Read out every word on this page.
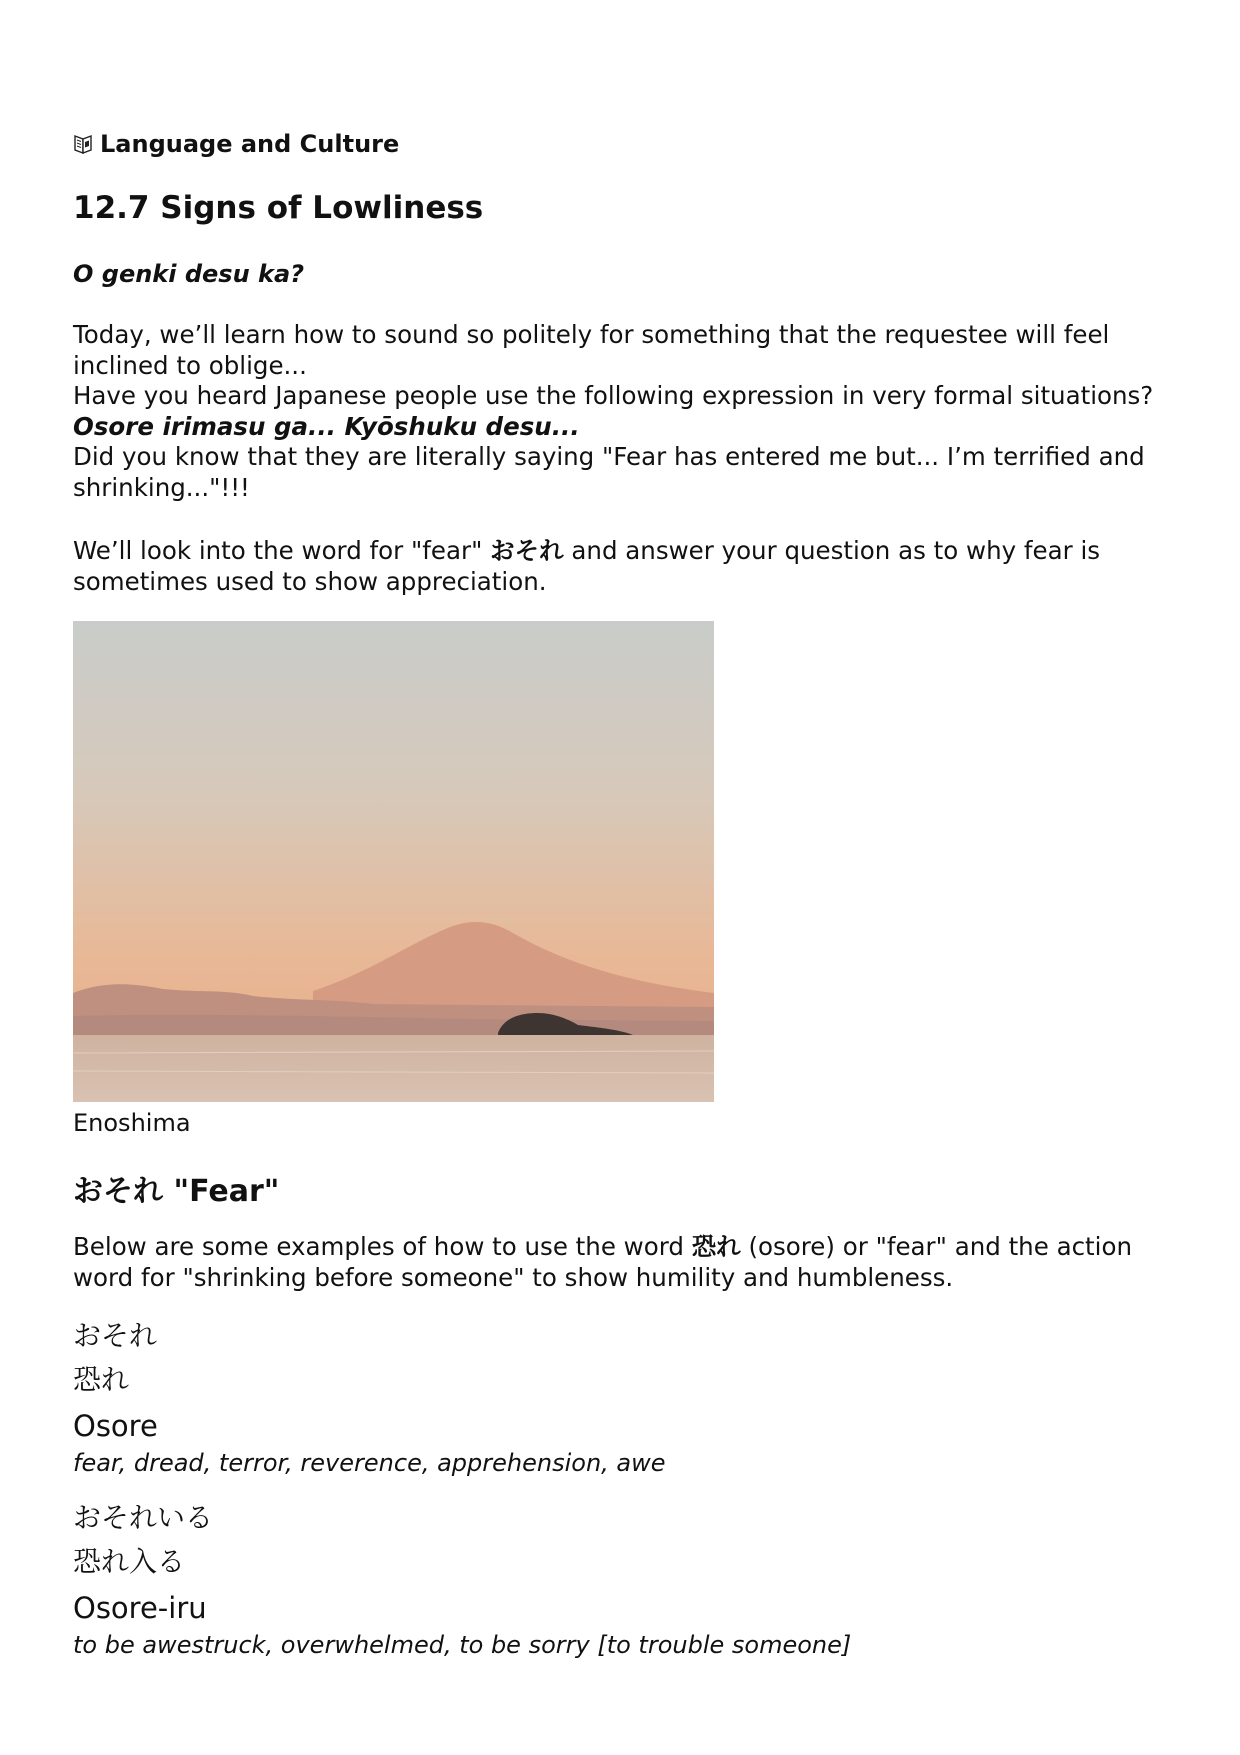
Language and Culture
12.7 Signs of Lowliness

O genki desu ka?

Today, we’ll learn how to sound so politely for something that the requestee will feel inclined to oblige...
Have you heard Japanese people use the following expression in very formal situations?Osore irimasu ga... Kyōshuku desu...
Did you know that they are literally saying "Fear has entered me but... I’m terrified and shrinking..."!!!

We’ll look into the word for "fear" おそれ and answer your question as to why fear is sometimes used to show appreciation.

Enoshima

おそれ "Fear"

Below are some examples of how to use the word 恐れ (osore) or "fear" and the action word for "shrinking before someone" to show humility and humbleness.

おそれ
恐れ
Osore
fear, dread, terror, reverence, apprehension, awe
おそれいる
恐れ入る
Osore-iru
to be awestruck, overwhelmed, to be sorry [to trouble someone]
